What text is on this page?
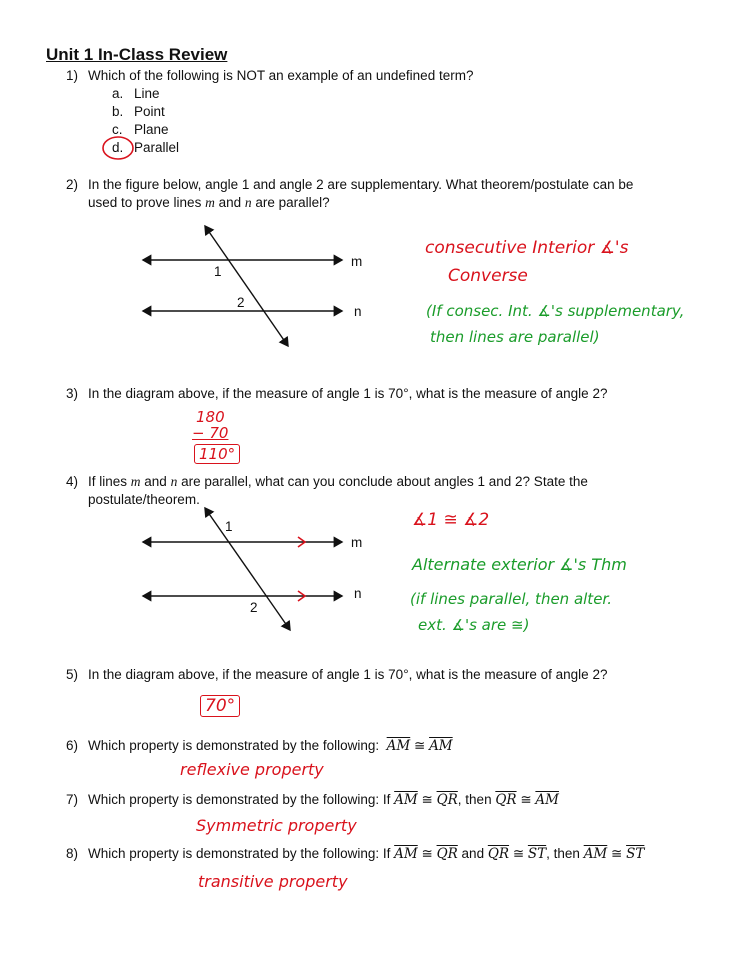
Unit 1 In-Class Review
1) Which of the following is NOT an example of an undefined term?
a. Line
b. Point
c. Plane
d. Parallel
2) In the figure below, angle 1 and angle 2 are supplementary. What theorem/postulate can be
used to prove lines m and n are parallel?
m
n
1
2
consecutive Interior ∡'s
Converse
(If consec. Int. ∡'s supplementary,
then lines are parallel)
3) In the diagram above, if the measure of angle 1 is 70°, what is the measure of angle 2?
180
− 70
110°
4) If lines m and n are parallel, what can you conclude about angles 1 and 2? State the
postulate/theorem.
m
n
1
2
∡1 ≅ ∡2
Alternate exterior ∡'s Thm
(if lines parallel, then alter.
ext. ∡'s are ≅)
5) In the diagram above, if the measure of angle 1 is 70°, what is the measure of angle 2?
70°
6) Which property is demonstrated by the following: $\overline{AM}$ ≅ $\overline{AM}$
reflexive property
7) Which property is demonstrated by the following: If $\overline{AM}$ ≅ $\overline{QR}$, then $\overline{QR}$ ≅ $\overline{AM}$
Symmetric property
8) Which property is demonstrated by the following: If $\overline{AM}$ ≅ $\overline{QR}$ and $\overline{QR}$ ≅ $\overline{ST}$, then $\overline{AM}$ ≅ $\overline{ST}$
transitive property
